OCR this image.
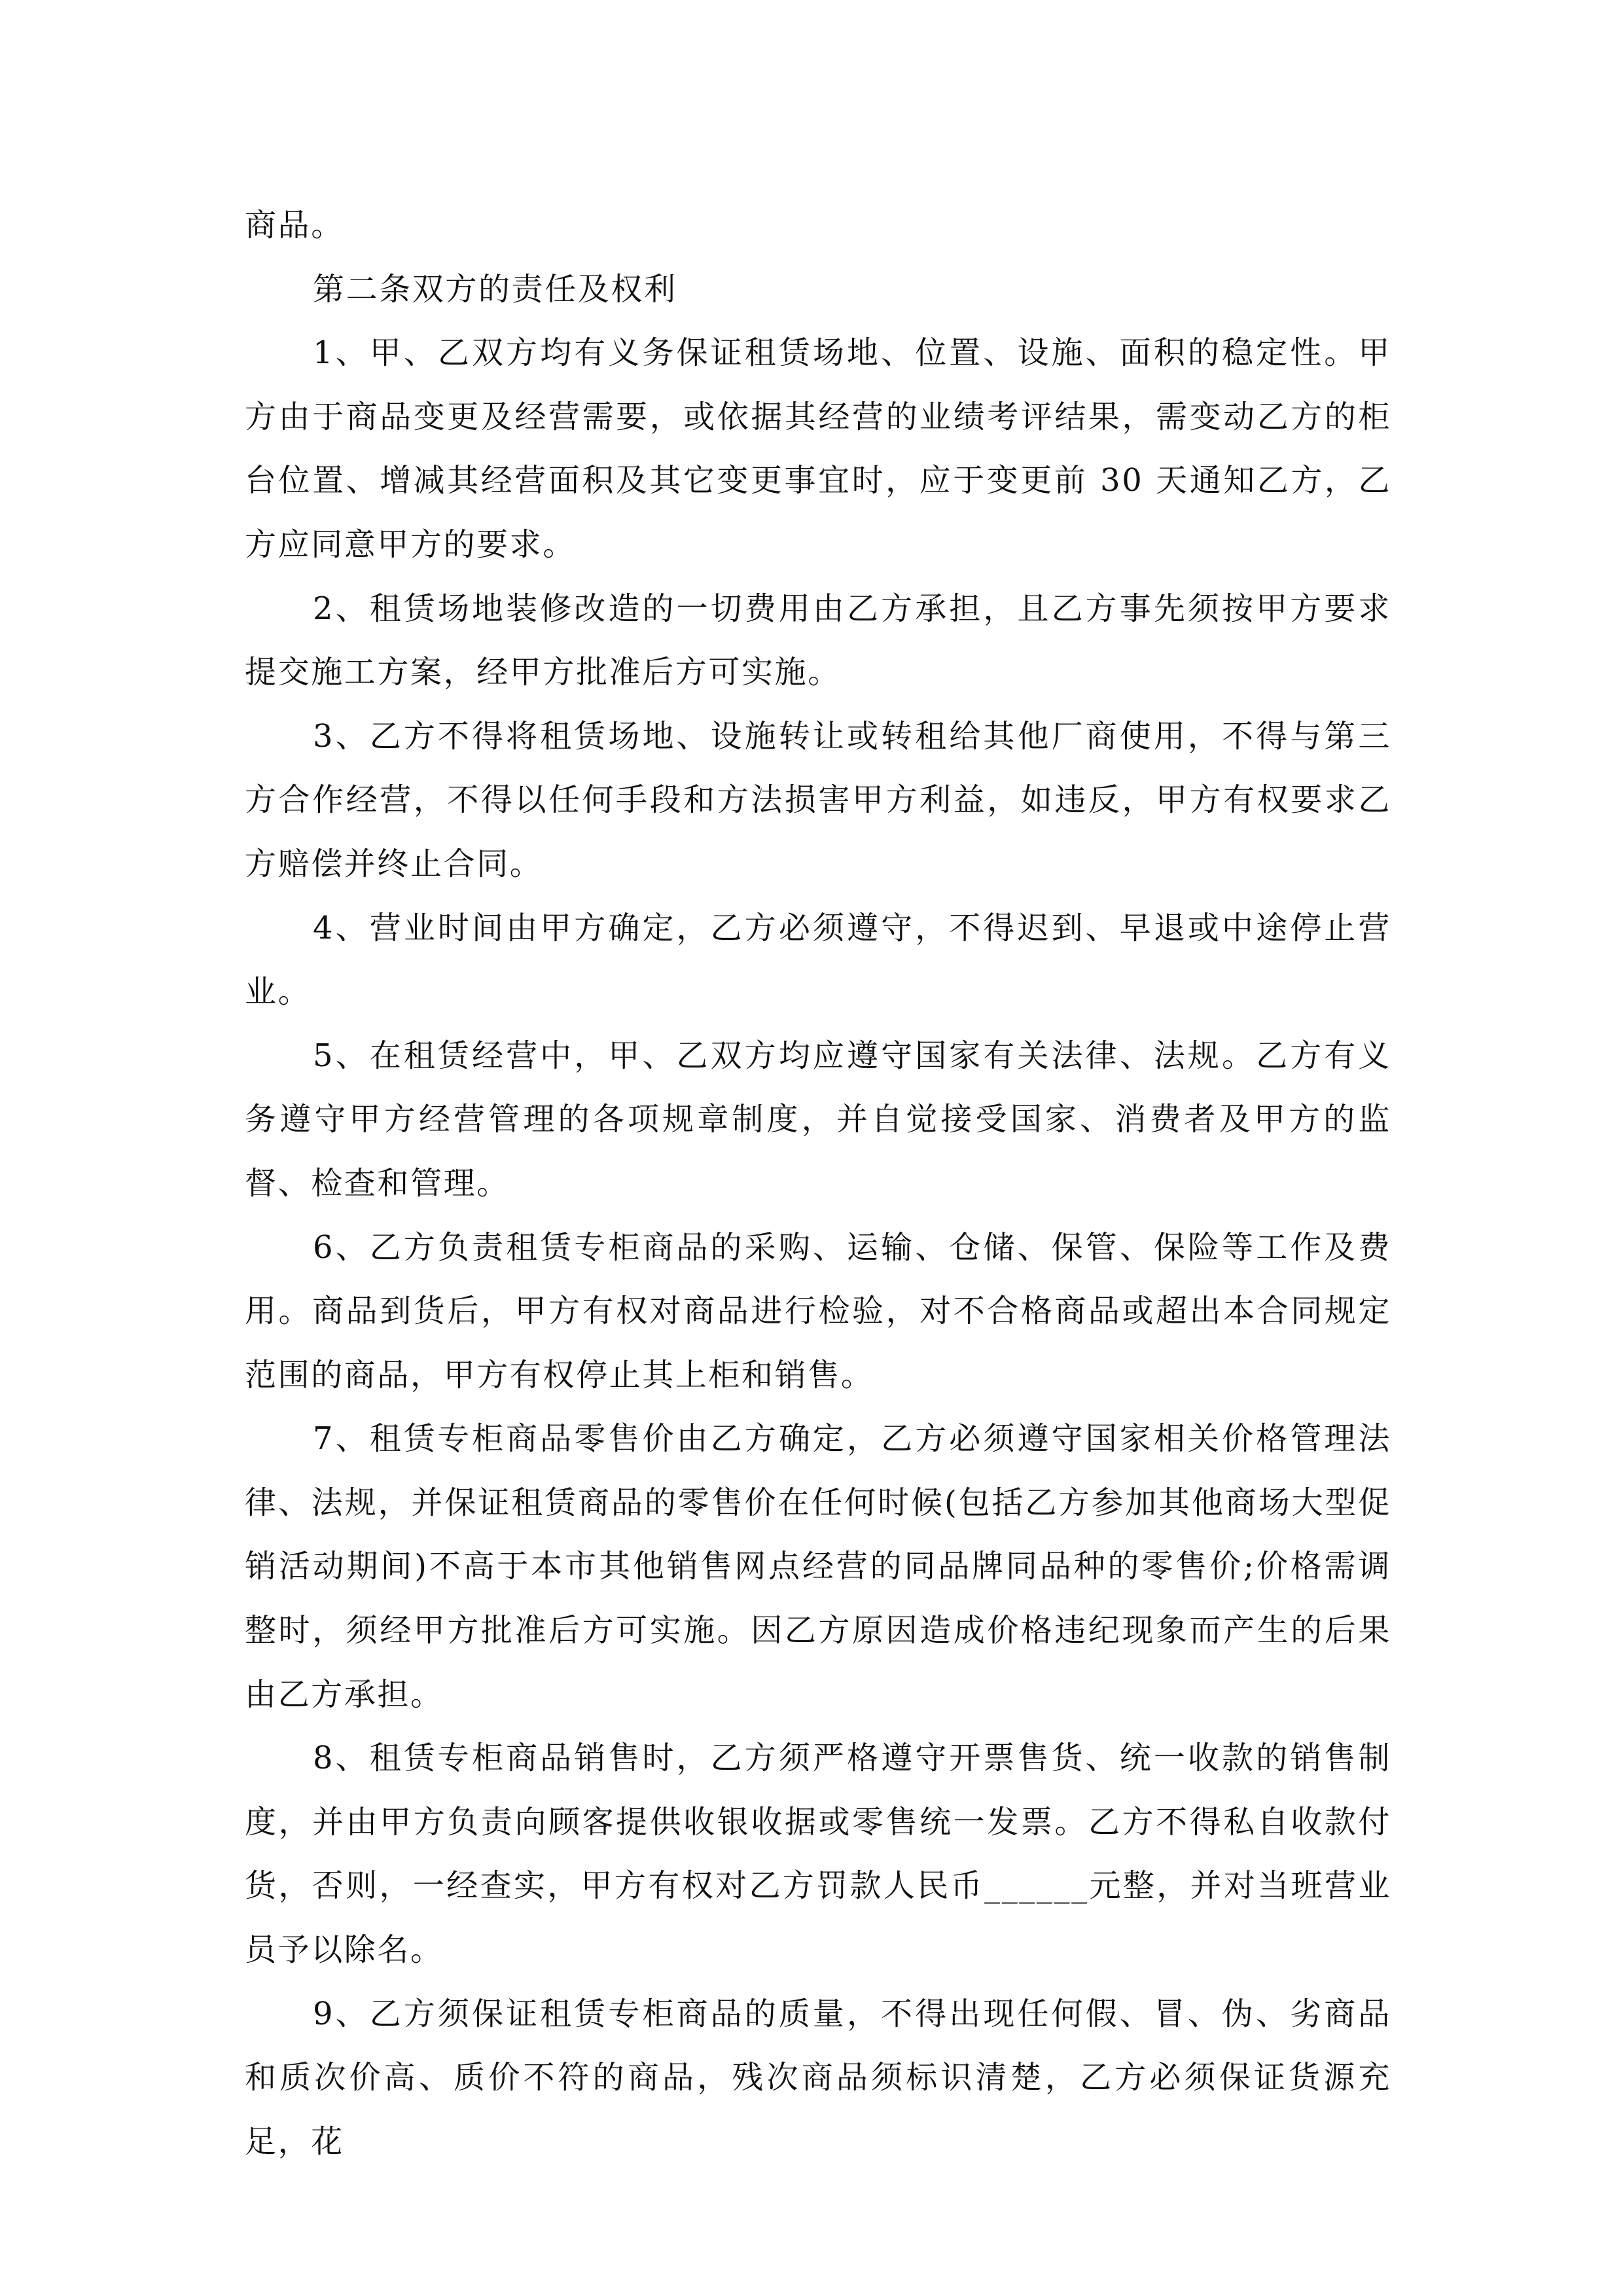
商品。

第二条双方的责任及权利

1、甲、乙双方均有义务保证租赁场地、位置、设施、面积的稳定性。甲方由于商品变更及经营需要，或依据其经营的业绩考评结果，需变动乙方的柜台位置、增减其经营面积及其它变更事宜时，应于变更前 30 天通知乙方，乙方应同意甲方的要求。

2、租赁场地装修改造的一切费用由乙方承担，且乙方事先须按甲方要求提交施工方案，经甲方批准后方可实施。

3、乙方不得将租赁场地、设施转让或转租给其他厂商使用，不得与第三方合作经营，不得以任何手段和方法损害甲方利益，如违反，甲方有权要求乙方赔偿并终止合同。

4、营业时间由甲方确定，乙方必须遵守，不得迟到、早退或中途停止营业。

5、在租赁经营中，甲、乙双方均应遵守国家有关法律、法规。乙方有义务遵守甲方经营管理的各项规章制度，并自觉接受国家、消费者及甲方的监督、检查和管理。

6、乙方负责租赁专柜商品的采购、运输、仓储、保管、保险等工作及费用。商品到货后，甲方有权对商品进行检验，对不合格商品或超出本合同规定范围的商品，甲方有权停止其上柜和销售。

7、租赁专柜商品零售价由乙方确定，乙方必须遵守国家相关价格管理法律、法规，并保证租赁商品的零售价在任何时候(包括乙方参加其他商场大型促销活动期间)不高于本市其他销售网点经营的同品牌同品种的零售价;价格需调整时，须经甲方批准后方可实施。因乙方原因造成价格违纪现象而产生的后果由乙方承担。

8、租赁专柜商品销售时，乙方须严格遵守开票售货、统一收款的销售制度，并由甲方负责向顾客提供收银收据或零售统一发票。乙方不得私自收款付货，否则，一经查实，甲方有权对乙方罚款人民币______元整，并对当班营业员予以除名。

9、乙方须保证租赁专柜商品的质量，不得出现任何假、冒、伪、劣商品和质次价高、质价不符的商品，残次商品须标识清楚，乙方必须保证货源充足，花
